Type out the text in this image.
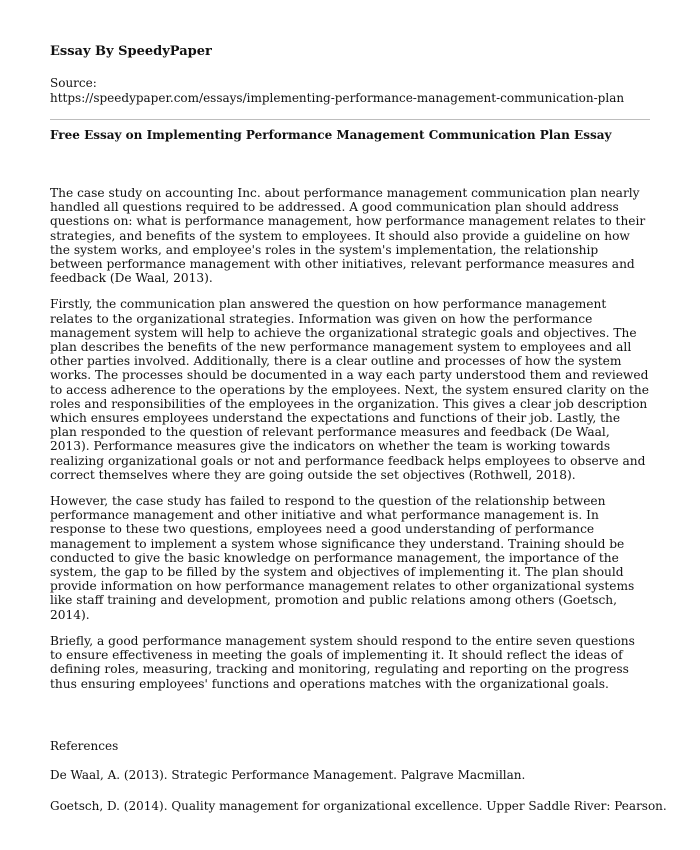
Essay By SpeedyPaper
Source:
https://speedypaper.com/essays/implementing-performance-management-communication-plan
Free Essay on Implementing Performance Management Communication Plan Essay

The case study on accounting Inc. about performance management communication plan nearly handled all questions required to be addressed. A good communication plan should address questions on: what is performance management, how performance management relates to their strategies, and benefits of the system to employees. It should also provide a guideline on how the system works, and employee's roles in the system's implementation, the relationship between performance management with other initiatives, relevant performance measures and feedback (De Waal, 2013).

Firstly, the communication plan answered the question on how performance management relates to the organizational strategies. Information was given on how the performance management system will help to achieve the organizational strategic goals and objectives. The plan describes the benefits of the new performance management system to employees and all other parties involved. Additionally, there is a clear outline and processes of how the system works. The processes should be documented in a way each party understood them and reviewed to access adherence to the operations by the employees. Next, the system ensured clarity on the roles and responsibilities of the employees in the organization. This gives a clear job description which ensures employees understand the expectations and functions of their job. Lastly, the plan responded to the question of relevant performance measures and feedback (De Waal, 2013). Performance measures give the indicators on whether the team is working towards realizing organizational goals or not and performance feedback helps employees to observe and correct themselves where they are going outside the set objectives (Rothwell, 2018).

However, the case study has failed to respond to the question of the relationship between performance management and other initiative and what performance management is. In response to these two questions, employees need a good understanding of performance management to implement a system whose significance they understand. Training should be conducted to give the basic knowledge on performance management, the importance of the system, the gap to be filled by the system and objectives of implementing it. The plan should provide information on how performance management relates to other organizational systems like staff training and development, promotion and public relations among others (Goetsch, 2014).

Briefly, a good performance management system should respond to the entire seven questions to ensure effectiveness in meeting the goals of implementing it. It should reflect the ideas of defining roles, measuring, tracking and monitoring, regulating and reporting on the progress thus ensuring employees' functions and operations matches with the organizational goals.

References
De Waal, A. (2013). Strategic Performance Management. Palgrave Macmillan.
Goetsch, D. (2014). Quality management for organizational excellence. Upper Saddle River: Pearson.
